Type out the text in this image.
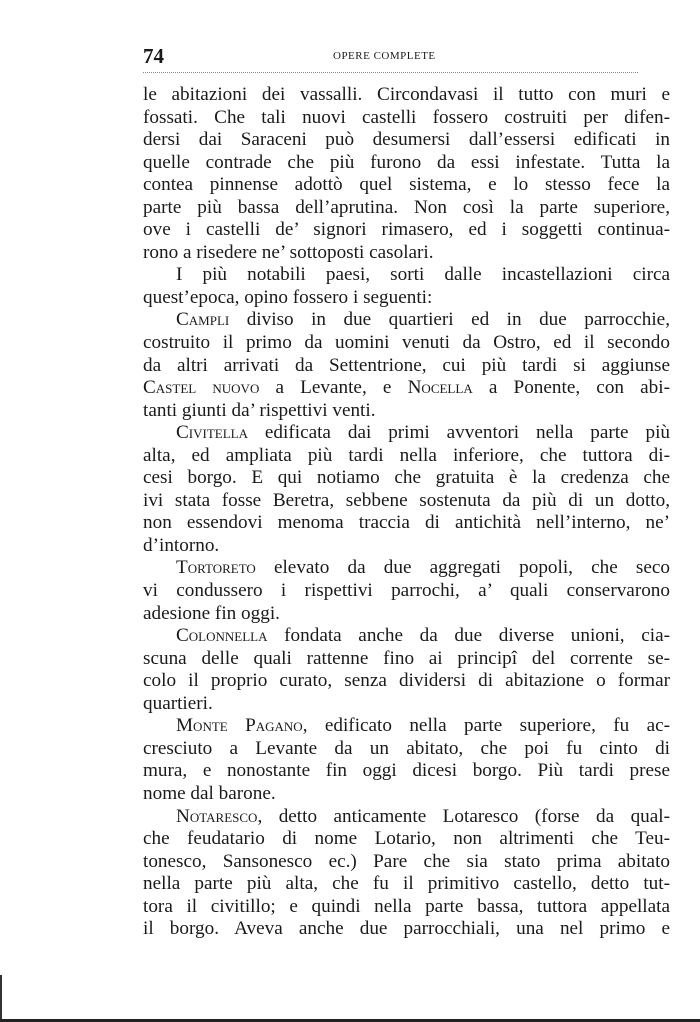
74	OPERE COMPLETE
le abitazioni dei vassalli. Circondavasi il tutto con muri e
fossati. Che tali nuovi castelli fossero costruiti per difen-
dersi dai Saraceni può desumersi dall’essersi edificati in
quelle contrade che più furono da essi infestate. Tutta la
contea pinnense adottò quel sistema, e lo stesso fece la
parte più bassa dell’aprutina. Non così la parte superiore,
ove i castelli de’ signori rimasero, ed i soggetti continua-
rono a risedere ne’ sottoposti casolari.
I più notabili paesi, sorti dalle incastellazioni circa
quest’epoca, opino fossero i seguenti:
Campli diviso in due quartieri ed in due parrocchie,
costruito il primo da uomini venuti da Ostro, ed il secondo
da altri arrivati da Settentrione, cui più tardi si aggiunse
Castel nuovo a Levante, e Nocella a Ponente, con abi-
tanti giunti da’ rispettivi venti.
Civitella edificata dai primi avventori nella parte più
alta, ed ampliata più tardi nella inferiore, che tuttora di-
cesi borgo. E qui notiamo che gratuita è la credenza che
ivi stata fosse Beretra, sebbene sostenuta da più di un dotto,
non essendovi menoma traccia di antichità nell’interno, ne’
d’intorno.
Tortoreto elevato da due aggregati popoli, che seco
vi condussero i rispettivi parrochi, a’ quali conservarono
adesione fin oggi.
Colonnella fondata anche da due diverse unioni, cia-
scuna delle quali rattenne fino ai principî del corrente se-
colo il proprio curato, senza dividersi di abitazione o formar
quartieri.
Monte Pagano, edificato nella parte superiore, fu ac-
cresciuto a Levante da un abitato, che poi fu cinto di
mura, e nonostante fin oggi dicesi borgo. Più tardi prese
nome dal barone.
Notaresco, detto anticamente Lotaresco (forse da qual-
che feudatario di nome Lotario, non altrimenti che Teu-
tonesco, Sansonesco ec.) Pare che sia stato prima abitato
nella parte più alta, che fu il primitivo castello, detto tut-
tora il civitillo; e quindi nella parte bassa, tuttora appellata
il borgo. Aveva anche due parrocchiali, una nel primo e
